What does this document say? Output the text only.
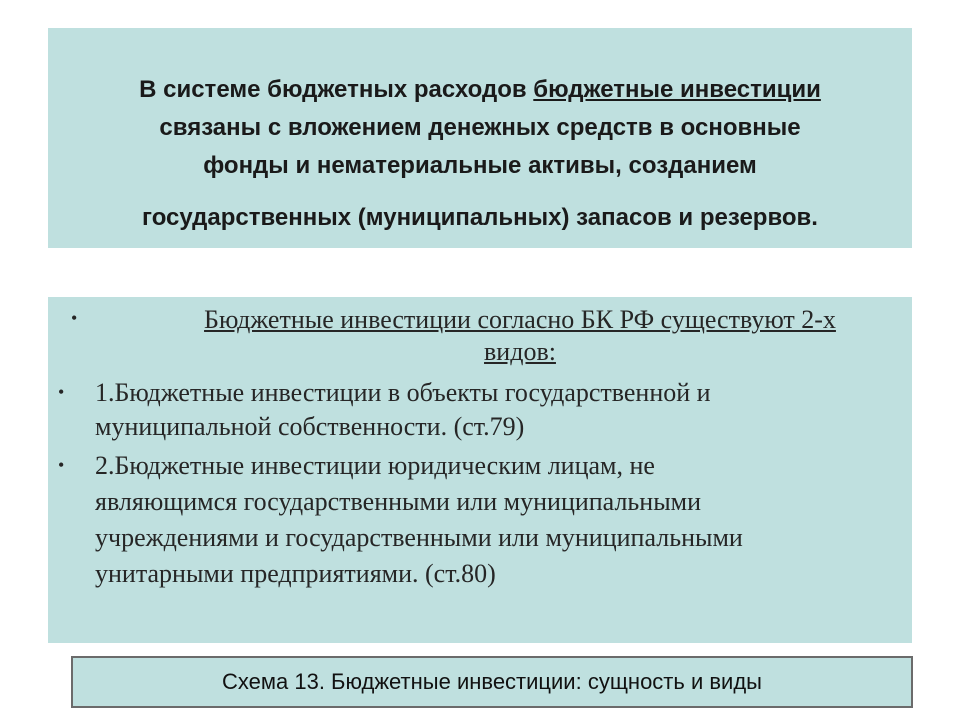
В системе бюджетных расходов бюджетные инвестиции
связаны с вложением денежных средств в основные
фонды и нематериальные активы, созданием
государственных (муниципальных) запасов и резервов.
•	Бюджетные инвестиции согласно БК РФ существуют 2-х
видов:
• 1.Бюджетные инвестиции в объекты государственной и
муниципальной собственности. (ст.79)
• 2.Бюджетные инвестиции юридическим лицам, не
являющимся государственными или муниципальными
учреждениями и государственными или муниципальными
унитарными предприятиями. (ст.80)
Схема 13. Бюджетные инвестиции: сущность и виды
